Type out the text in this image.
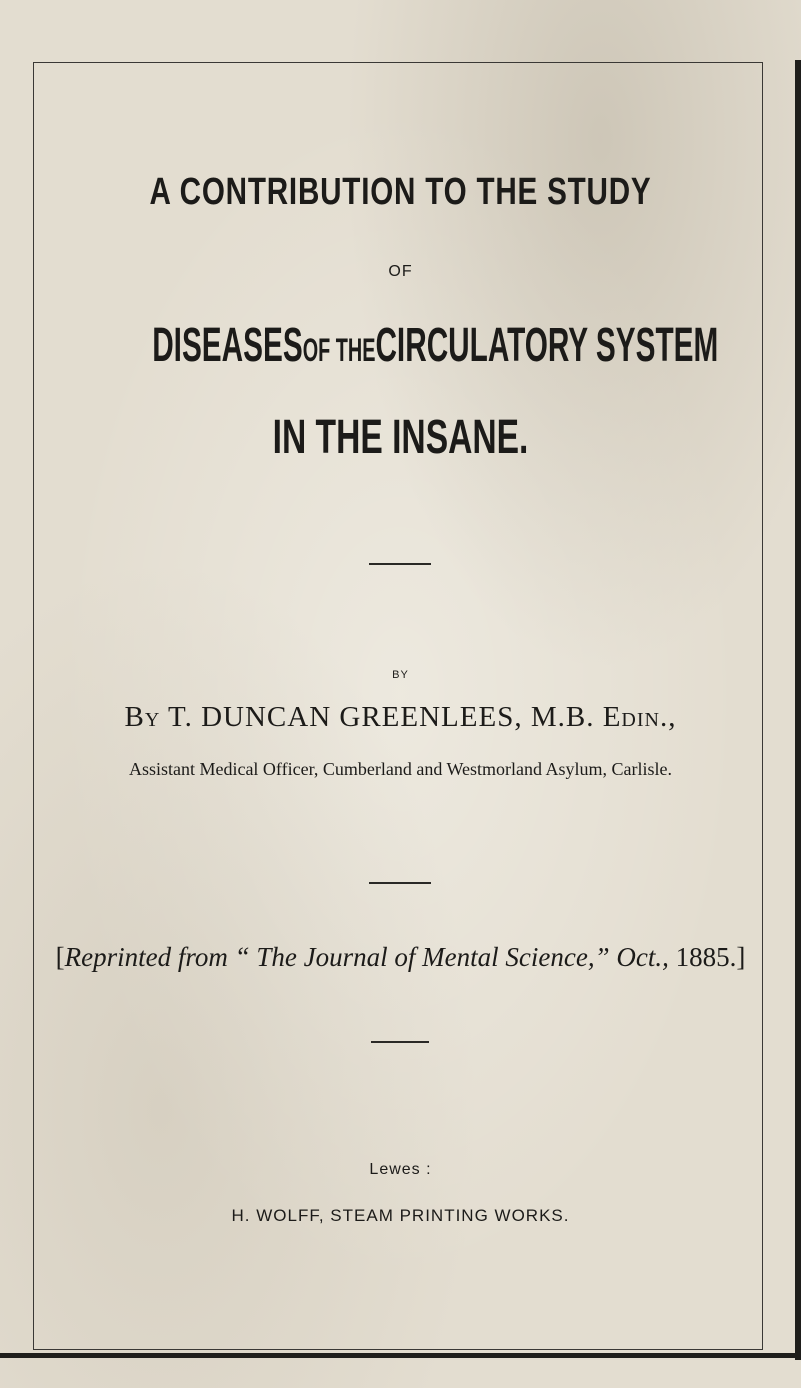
A CONTRIBUTION TO THE STUDY
OF
DISEASESOF THECIRCULATORY SYSTEM
IN THE INSANE.
BY
By T. DUNCAN GREENLEES, M.B. Edin.,
Assistant Medical Officer, Cumberland and Westmorland Asylum, Carlisle.
[Reprinted from “ The Journal of Mental Science,” Oct., 1885.]
Lewes :
H. WOLFF, STEAM PRINTING WORKS.
